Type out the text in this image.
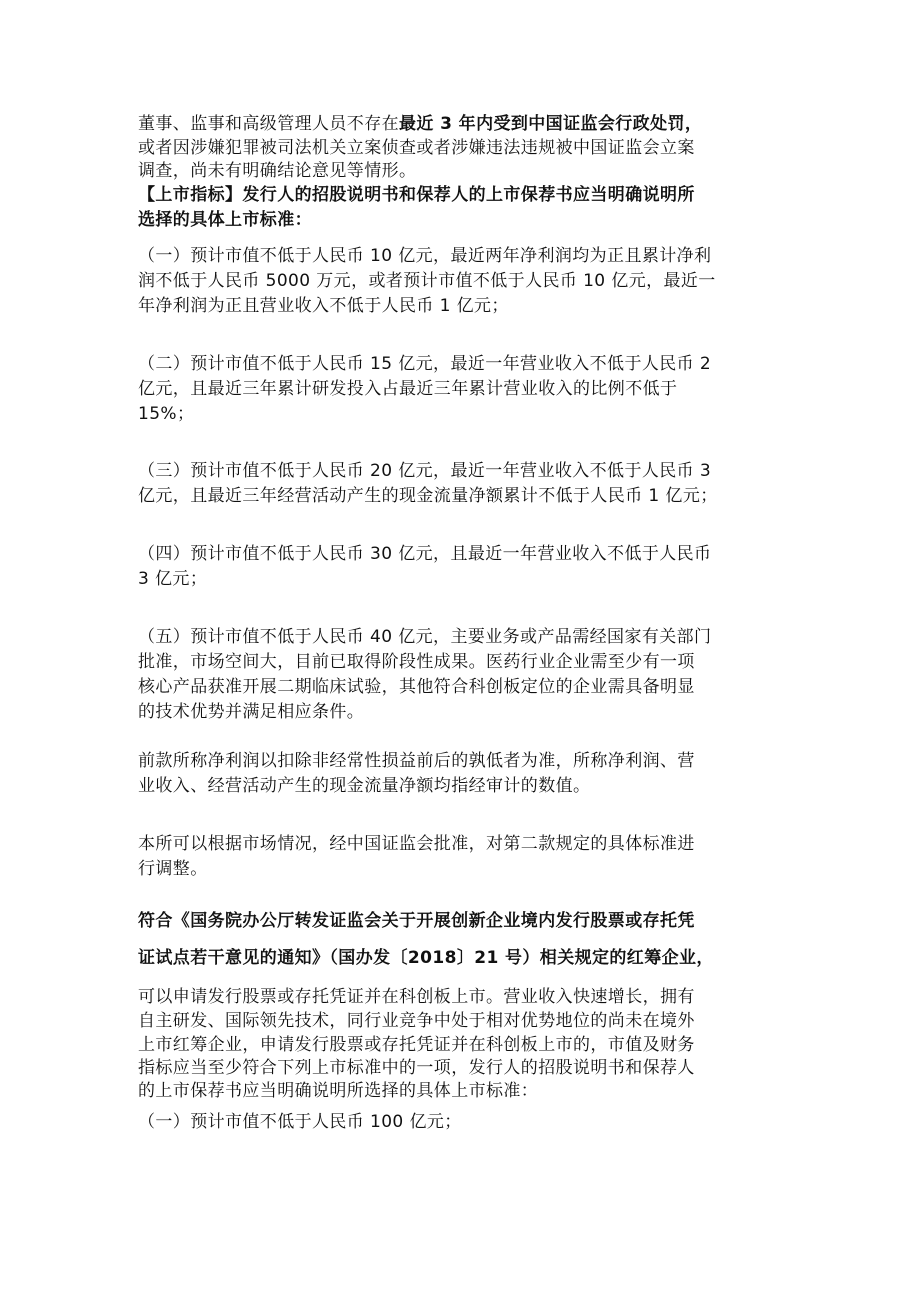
董事、监事和高级管理人员不存在最近 3 年内受到中国证监会行政处罚，
或者因涉嫌犯罪被司法机关立案侦查或者涉嫌违法违规被中国证监会立案
调查，尚未有明确结论意见等情形。
【上市指标】发行人的招股说明书和保荐人的上市保荐书应当明确说明所
选择的具体上市标准：
（一）预计市值不低于人民币 10 亿元，最近两年净利润均为正且累计净利
润不低于人民币 5000 万元，或者预计市值不低于人民币 10 亿元，最近一
年净利润为正且营业收入不低于人民币 1 亿元；
（二）预计市值不低于人民币 15 亿元，最近一年营业收入不低于人民币 2
亿元，且最近三年累计研发投入占最近三年累计营业收入的比例不低于
15%；
（三）预计市值不低于人民币 20 亿元，最近一年营业收入不低于人民币 3
亿元，且最近三年经营活动产生的现金流量净额累计不低于人民币 1 亿元；
（四）预计市值不低于人民币 30 亿元，且最近一年营业收入不低于人民币
3 亿元；
（五）预计市值不低于人民币 40 亿元，主要业务或产品需经国家有关部门
批准，市场空间大，目前已取得阶段性成果。医药行业企业需至少有一项
核心产品获准开展二期临床试验，其他符合科创板定位的企业需具备明显
的技术优势并满足相应条件。
前款所称净利润以扣除非经常性损益前后的孰低者为准，所称净利润、营
业收入、经营活动产生的现金流量净额均指经审计的数值。
本所可以根据市场情况，经中国证监会批准，对第二款规定的具体标准进
行调整。
符合《国务院办公厅转发证监会关于开展创新企业境内发行股票或存托凭
证试点若干意见的通知》（国办发〔2018〕21 号）相关规定的红筹企业，
可以申请发行股票或存托凭证并在科创板上市。营业收入快速增长，拥有
自主研发、国际领先技术，同行业竞争中处于相对优势地位的尚未在境外
上市红筹企业，申请发行股票或存托凭证并在科创板上市的，市值及财务
指标应当至少符合下列上市标准中的一项，发行人的招股说明书和保荐人
的上市保荐书应当明确说明所选择的具体上市标准：
（一）预计市值不低于人民币 100 亿元；
